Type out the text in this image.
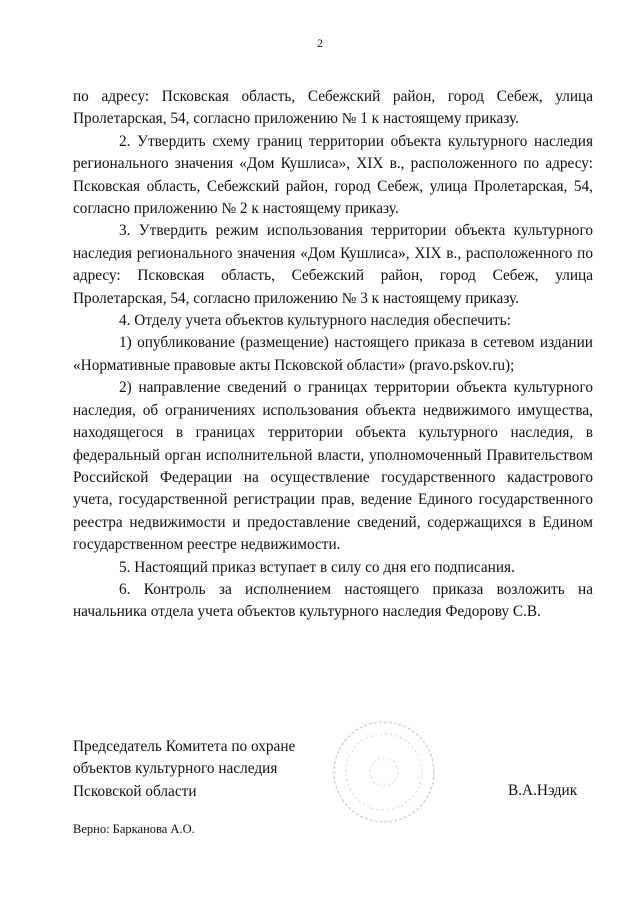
2

по адресу: Псковская область, Себежский район, город Себеж, улица Пролетарская, 54, согласно приложению № 1 к настоящему приказу.

2. Утвердить схему границ территории объекта культурного наследия регионального значения «Дом Кушлиса», XIX в., расположенного по адресу: Псковская область, Себежский район, город Себеж, улица Пролетарская, 54, согласно приложению № 2 к настоящему приказу.

3. Утвердить режим использования территории объекта культурного наследия регионального значения «Дом Кушлиса», XIX в., расположенного по адресу: Псковская область, Себежский район, город Себеж, улица Пролетарская, 54, согласно приложению № 3 к настоящему приказу.

4. Отделу учета объектов культурного наследия обеспечить:

1) опубликование (размещение) настоящего приказа в сетевом издании «Нормативные правовые акты Псковской области» (pravo.pskov.ru);

2) направление сведений о границах территории объекта культурного наследия, об ограничениях использования объекта недвижимого имущества, находящегося в границах территории объекта культурного наследия, в федеральный орган исполнительной власти, уполномоченный Правительством Российской Федерации на осуществление государственного кадастрового учета, государственной регистрации прав, ведение Единого государственного реестра недвижимости и предоставление сведений, содержащихся в Едином государственном реестре недвижимости.

5. Настоящий приказ вступает в силу со дня его подписания.

6. Контроль за исполнением настоящего приказа возложить на начальника отдела учета объектов культурного наследия Федорову С.В.

Председатель Комитета по охране
объектов культурного наследия
Псковской области	В.А.Нэдик
Верно: Барканова А.О.
